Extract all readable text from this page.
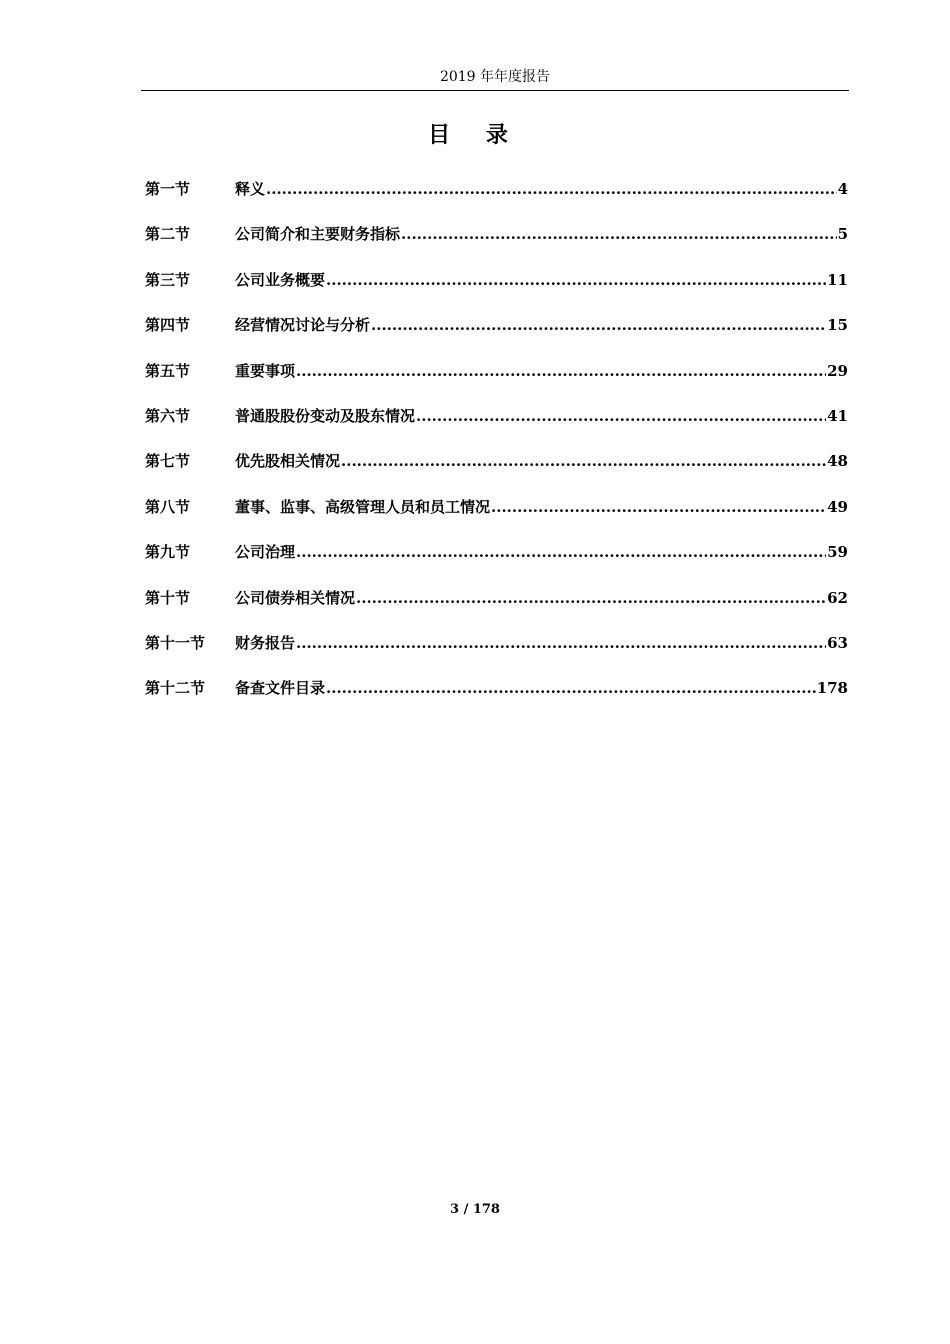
2019 年年度报告
目 录
第一节	释义 .....	4
第二节	公司简介和主要财务指标 .....	5
第三节	公司业务概要 .....	11
第四节	经营情况讨论与分析 .....	15
第五节	重要事项 .....	29
第六节	普通股股份变动及股东情况 .....	41
第七节	优先股相关情况 .....	48
第八节	董事、监事、高级管理人员和员工情况 .....	49
第九节	公司治理 .....	59
第十节	公司债券相关情况 .....	62
第十一节	财务报告 .....	63
第十二节	备查文件目录 .....	178
3 / 178
